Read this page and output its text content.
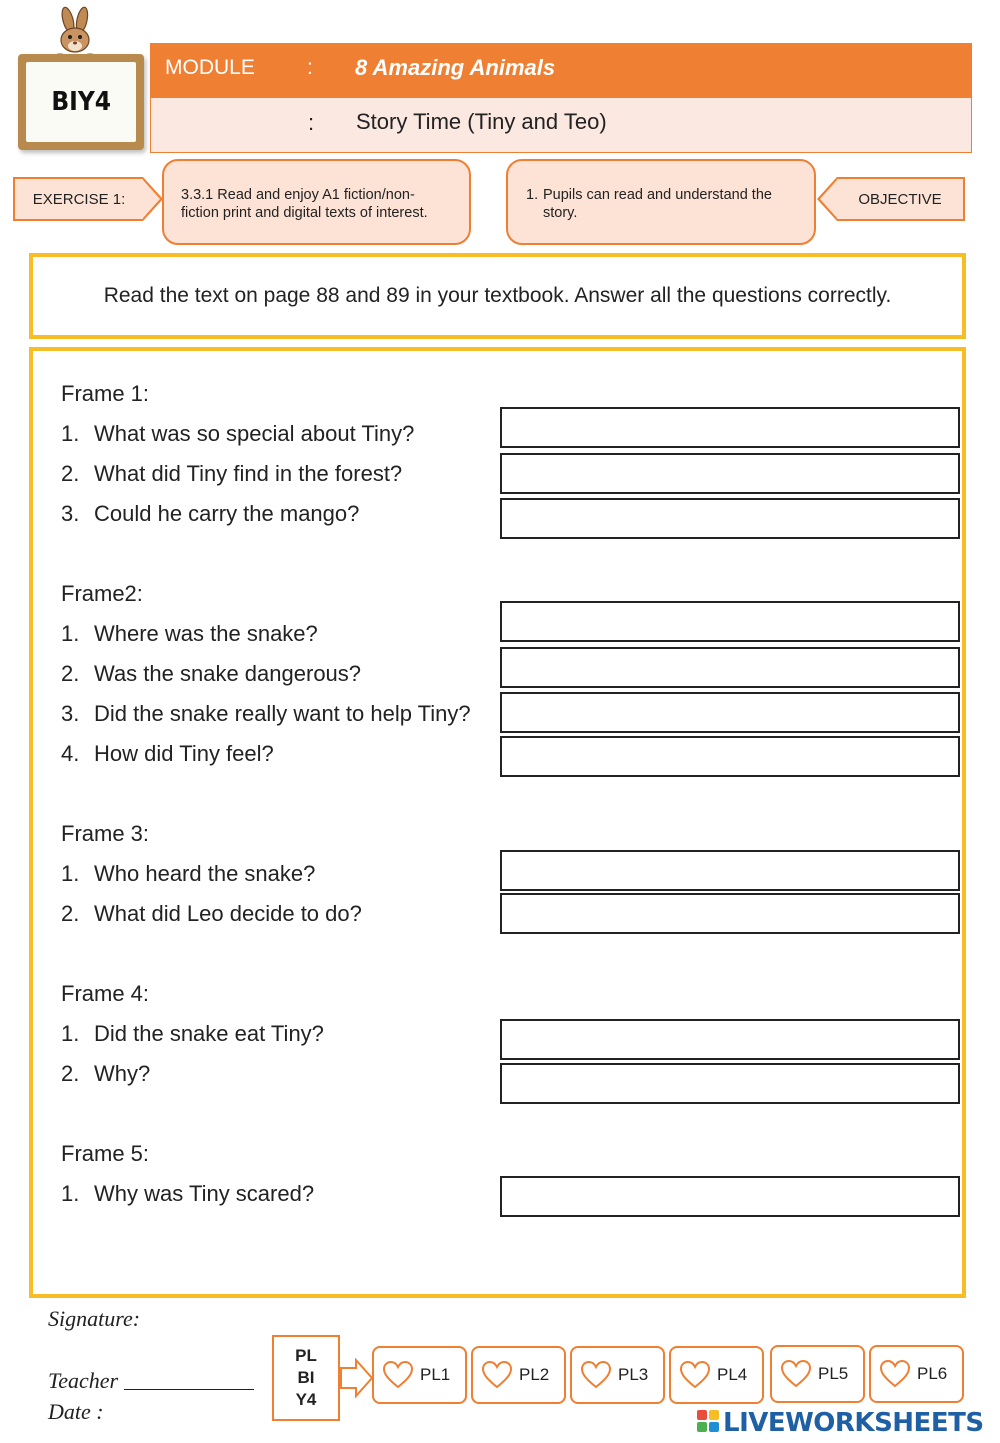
BIY4
MODULE : 8 Amazing Animals
: Story Time (Tiny and Teo)
EXERCISE 1:	3.3.1 Read and enjoy A1 fiction/non-
fiction print and digital texts of interest.
1. Pupils can read and understand the
story.
OBJECTIVE
Read the text on page 88 and 89 in your textbook. Answer all the questions correctly.
Frame 1:
1. What was so special about Tiny?
2. What did Tiny find in the forest?
3. Could he carry the mango?
Frame2:
1. Where was the snake?
2. Was the snake dangerous?
3. Did the snake really want to help Tiny?
4. How did Tiny feel?
Frame 3:
1. Who heard the snake?
2. What did Leo decide to do?
Frame 4:
1. Did the snake eat Tiny?
2. Why?
Frame 5:
1. Why was Tiny scared?
Signature:
Teacher
Date :
PL
BI
Y4
PL1	PL2	PL3	PL4	PL5	PL6
LIVEWORKSHEETS
